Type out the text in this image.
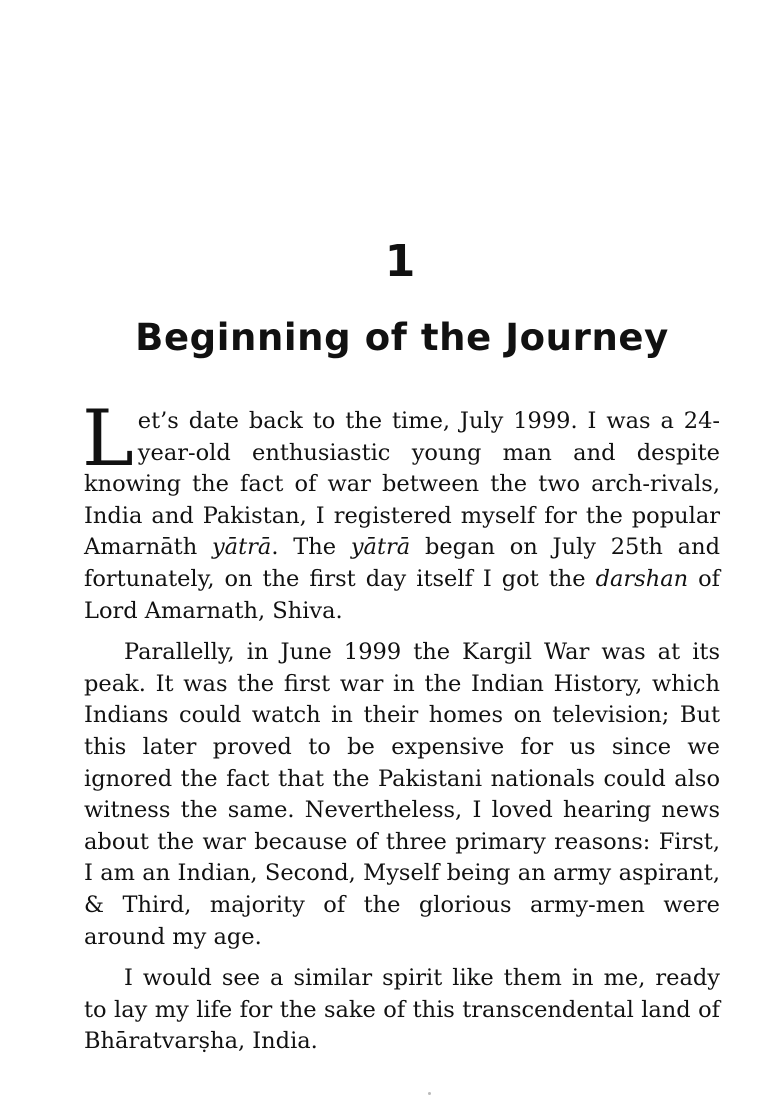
1
Beginning of the Journey

Let’s date back to the time, July 1999. I was a 24-year-old enthusiastic young man and despite knowing the fact of war between the two arch-rivals, India and Pakistan, I registered myself for the popular Amarnāth yātrā. The yātrā began on July 25th and fortunately, on the first day itself I got the darshan of Lord Amarnath, Shiva.

Parallelly, in June 1999 the Kargil War was at its peak. It was the first war in the Indian History, which Indians could watch in their homes on television; But this later proved to be expensive for us since we ignored the fact that the Pakistani nationals could also witness the same. Nevertheless, I loved hearing news about the war because of three primary reasons: First, I am an Indian, Second, Myself being an army aspirant, & Third, majority of the glorious army-men were around my age.

I would see a similar spirit like them in me, ready to lay my life for the sake of this transcendental land of Bhāratvarṣha, India.
